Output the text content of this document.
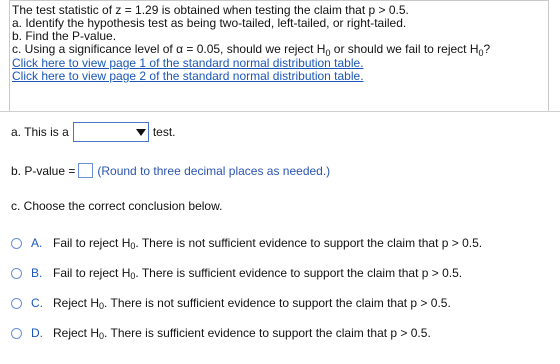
The test statistic of z = 1.29 is obtained when testing the claim that p > 0.5.
a. Identify the hypothesis test as being two-tailed, left-tailed, or right-tailed.
b. Find the P-value.
c. Using a significance level of α = 0.05, should we reject $H_0$ or should we fail to reject $H_0$?
Click here to view page 1 of the standard normal distribution table.
Click here to view page 2 of the standard normal distribution table.
a. This is a	test.
b. P-value = (Round to three decimal places as needed.)
c. Choose the correct conclusion below.
A. Fail to reject H 0 . There is not sufficient evidence to support the claim that p > 0.5.
B. Fail to reject H 0 . There is sufficient evidence to support the claim that p > 0.5.
C. Reject H 0 . There is not sufficient evidence to support the claim that p > 0.5.
D. Reject H 0 . There is sufficient evidence to support the claim that p > 0.5.
